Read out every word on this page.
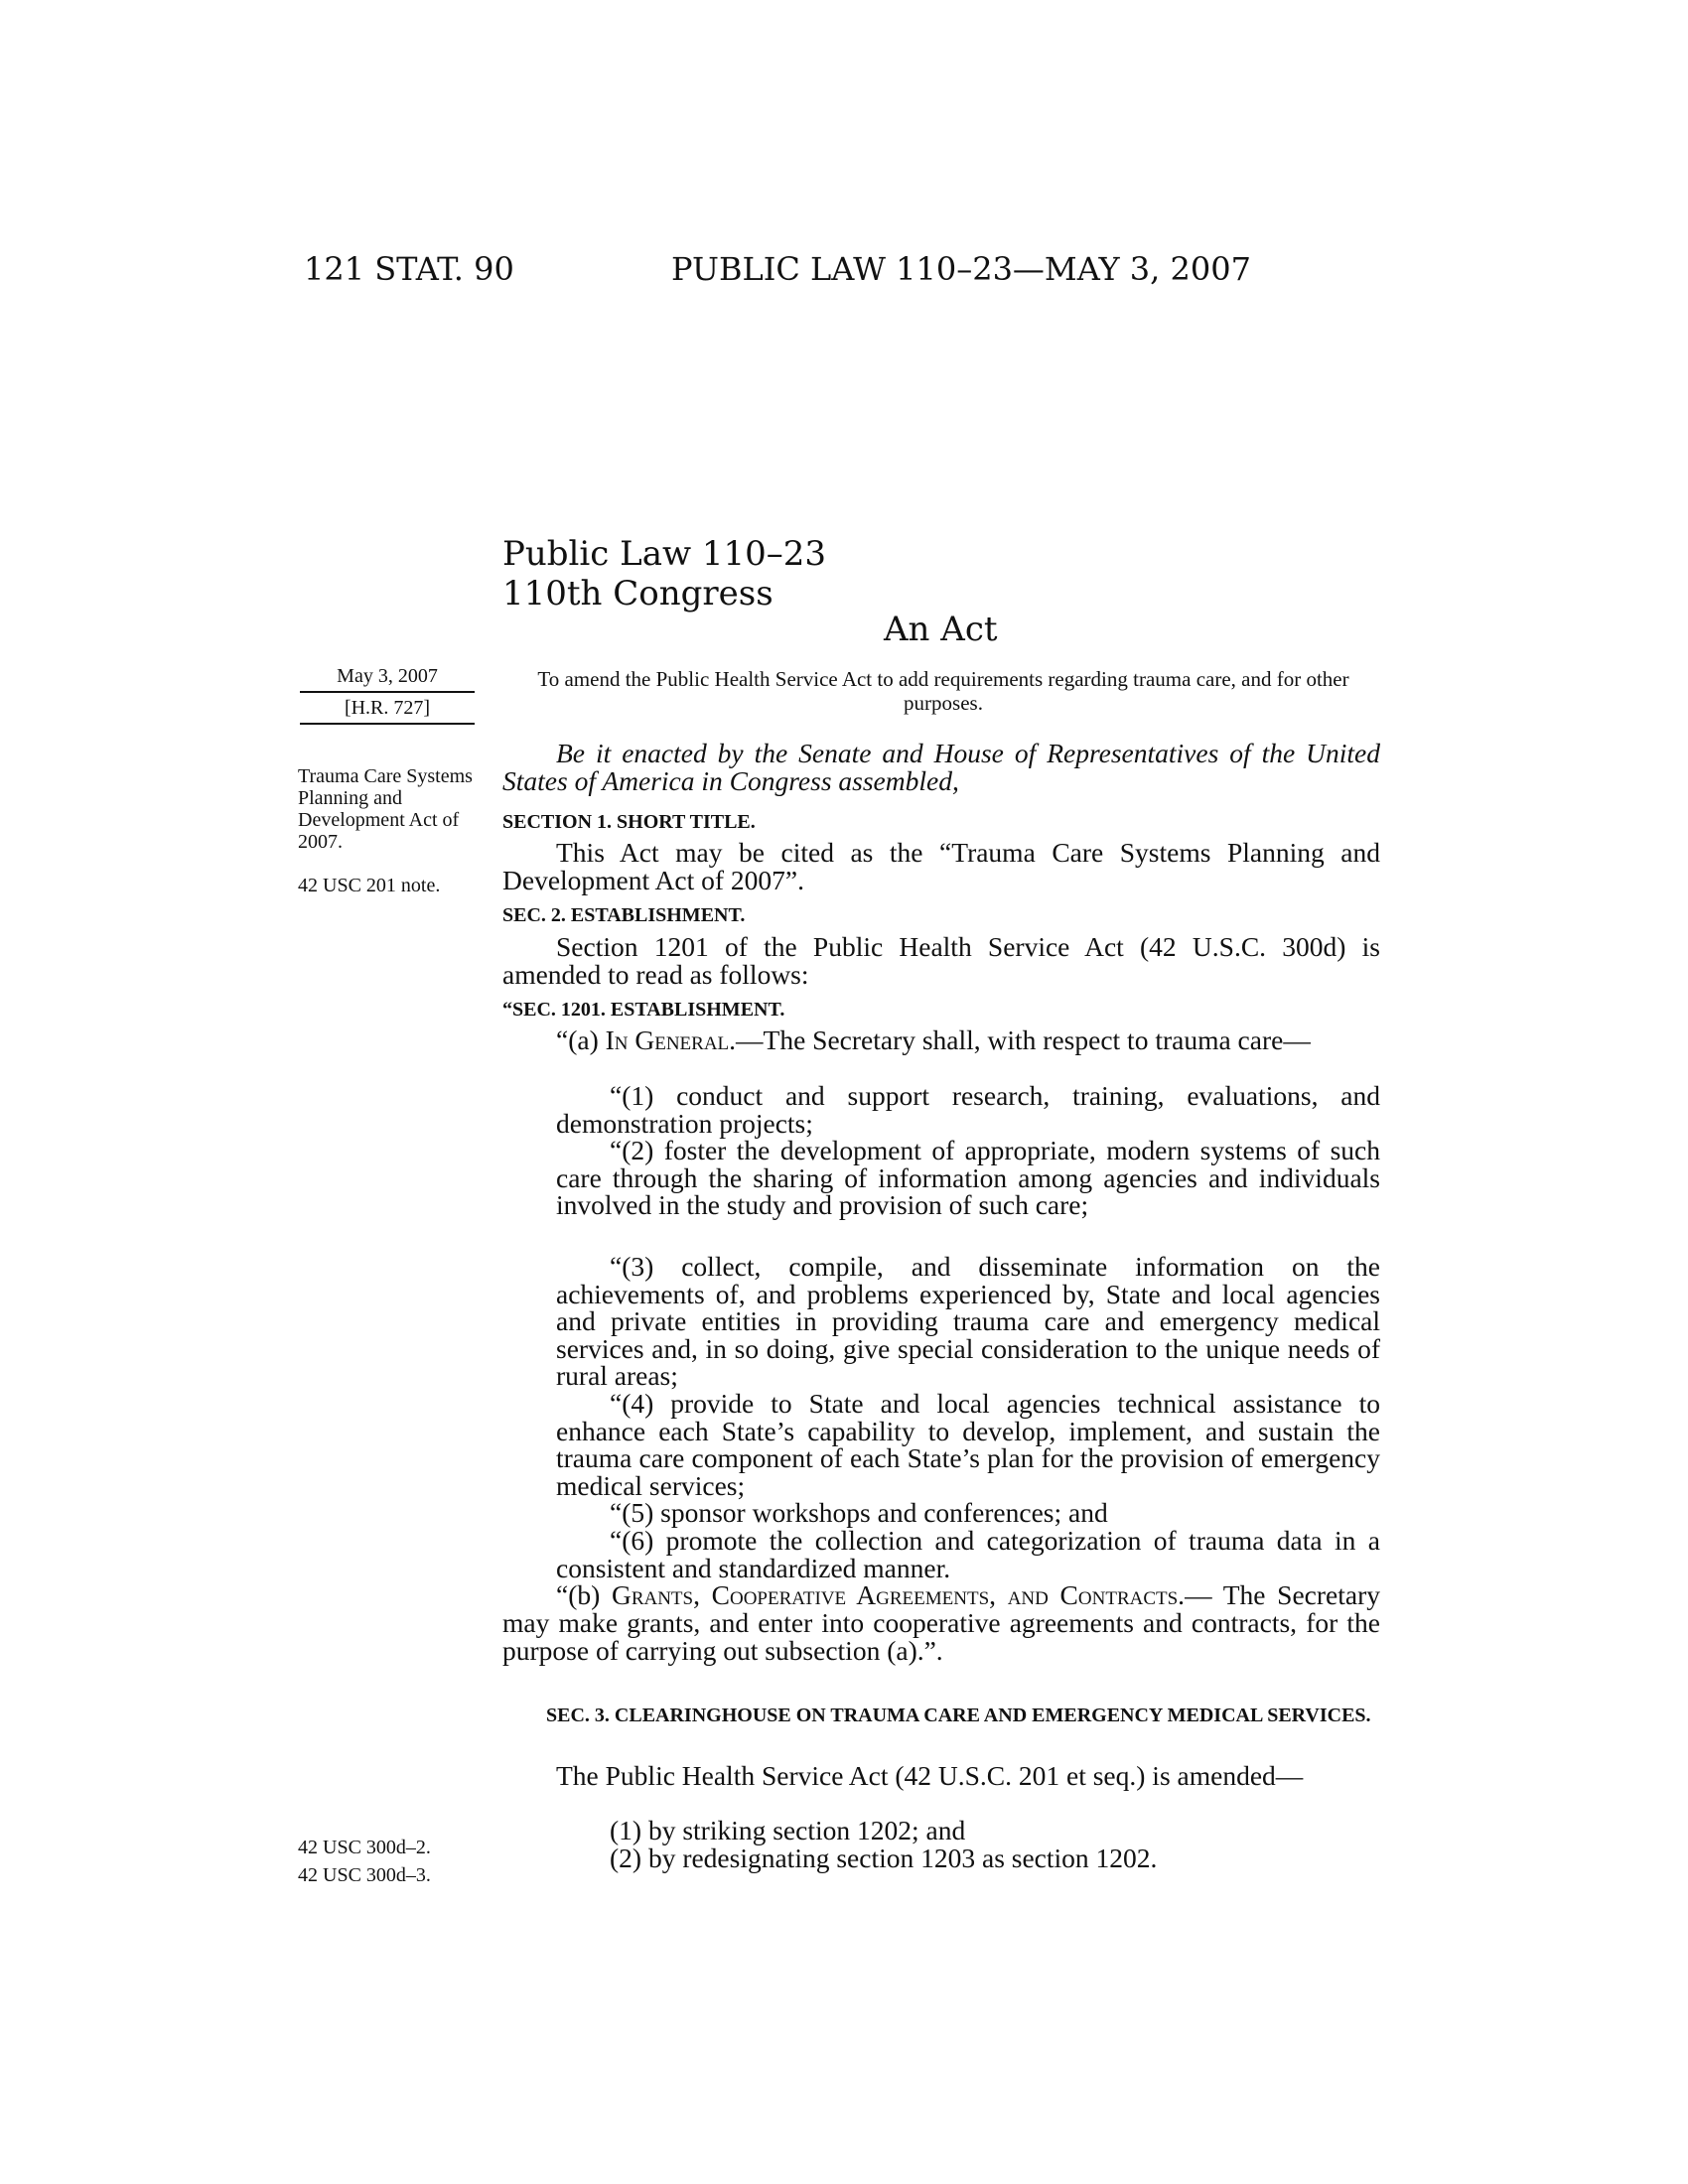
121 STAT. 90	PUBLIC LAW 110–23—MAY 3, 2007
Public Law 110–23
110th Congress
An Act
May 3, 2007
[H.R. 727]
Trauma Care Systems Planning and Development Act of 2007.
42 USC 201 note.
42 USC 300d–2.
42 USC 300d–3.
To amend the Public Health Service Act to add requirements regarding trauma care, and for other purposes.
Be it enacted by the Senate and House of Representatives of the United States of America in Congress assembled,
SECTION 1. SHORT TITLE.
This Act may be cited as the “Trauma Care Systems Planning and Development Act of 2007”.
SEC. 2. ESTABLISHMENT.
Section 1201 of the Public Health Service Act (42 U.S.C. 300d) is amended to read as follows:
“SEC. 1201. ESTABLISHMENT.
“(a) In General.—The Secretary shall, with respect to trauma care—
“(1) conduct and support research, training, evaluations, and demonstration projects;
“(2) foster the development of appropriate, modern systems of such care through the sharing of information among agencies and individuals involved in the study and provision of such care;
“(3) collect, compile, and disseminate information on the achievements of, and problems experienced by, State and local agencies and private entities in providing trauma care and emergency medical services and, in so doing, give special consideration to the unique needs of rural areas;
“(4) provide to State and local agencies technical assistance to enhance each State’s capability to develop, implement, and sustain the trauma care component of each State’s plan for the provision of emergency medical services;
“(5) sponsor workshops and conferences; and
“(6) promote the collection and categorization of trauma data in a consistent and standardized manner.
“(b) Grants, Cooperative Agreements, and Contracts.— The Secretary may make grants, and enter into cooperative agreements and contracts, for the purpose of carrying out subsection (a).”.
SEC. 3. CLEARINGHOUSE ON TRAUMA CARE AND EMERGENCY MEDICAL SERVICES.
The Public Health Service Act (42 U.S.C. 201 et seq.) is amended—
(1) by striking section 1202; and
(2) by redesignating section 1203 as section 1202.
